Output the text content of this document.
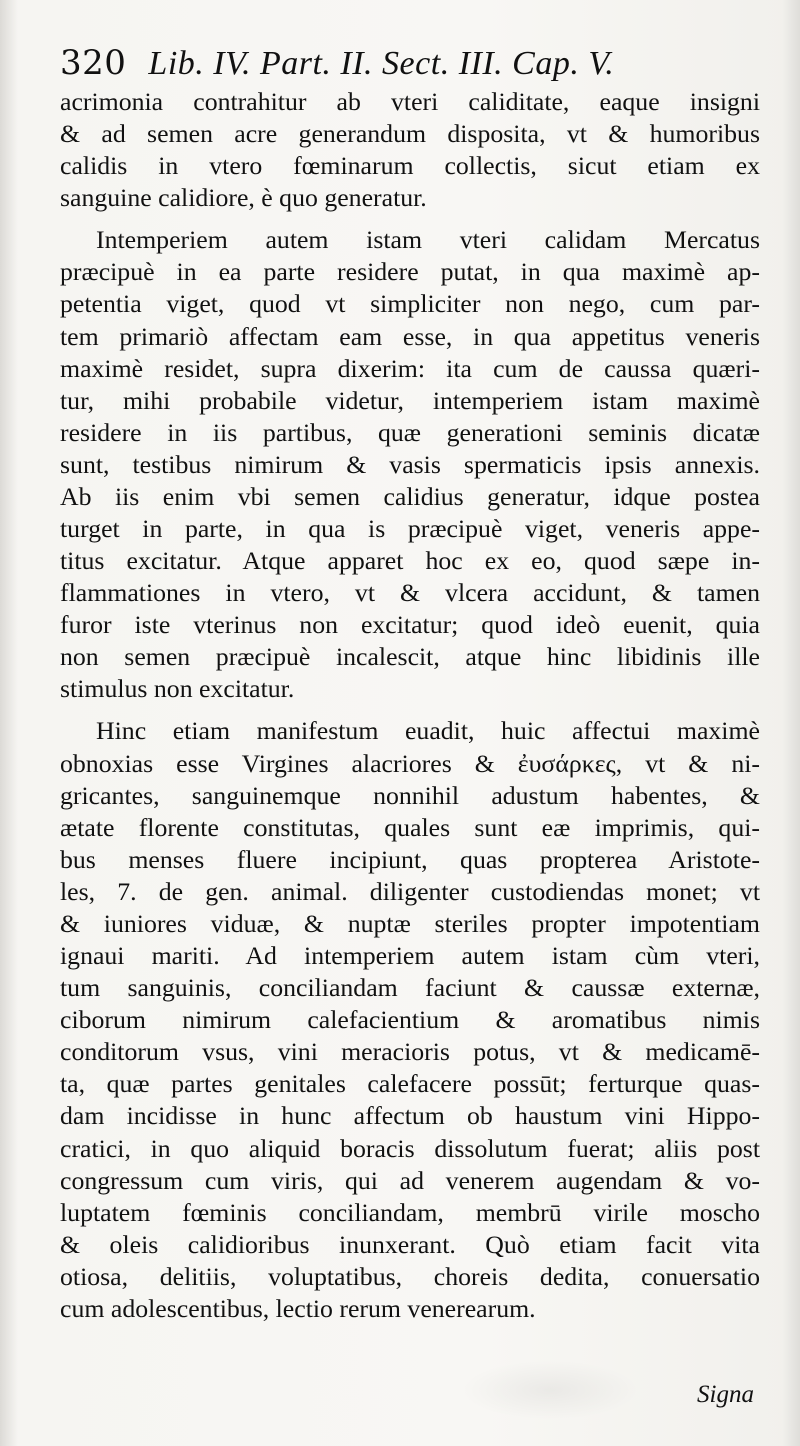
320 Lib. IV. Part. II. Sect. III. Cap. V.
acrimonia contrahitur ab vteri caliditate, eaque insigni
& ad semen acre generandum disposita, vt & humoribus
calidis in vtero fœminarum collectis, sicut etiam ex
sanguine calidiore, è quo generatur.
Intemperiem autem istam vteri calidam Mercatus
præcipuè in ea parte residere putat, in qua maximè ap-
petentia viget, quod vt simpliciter non nego, cum par-
tem primariò affectam eam esse, in qua appetitus veneris
maximè residet, supra dixerim: ita cum de caussa quæri-
tur, mihi probabile videtur, intemperiem istam maximè
residere in iis partibus, quæ generationi seminis dicatæ
sunt, testibus nimirum & vasis spermaticis ipsis annexis.
Ab iis enim vbi semen calidius generatur, idque postea
turget in parte, in qua is præcipuè viget, veneris appe-
titus excitatur. Atque apparet hoc ex eo, quod sæpe in-
flammationes in vtero, vt & vlcera accidunt, & tamen
furor iste vterinus non excitatur; quod ideò euenit, quia
non semen præcipuè incalescit, atque hinc libidinis ille
stimulus non excitatur.
Hinc etiam manifestum euadit, huic affectui maximè
obnoxias esse Virgines alacriores & ἐυσάρκες, vt & ni-
gricantes, sanguinemque nonnihil adustum habentes, &
ætate florente constitutas, quales sunt eæ imprimis, qui-
bus menses fluere incipiunt, quas propterea Aristote-
les, 7. de gen. animal. diligenter custodiendas monet; vt
& iuniores viduæ, & nuptæ steriles propter impotentiam
ignaui mariti. Ad intemperiem autem istam cùm vteri,
tum sanguinis, conciliandam faciunt & caussæ externæ,
ciborum nimirum calefacientium & aromatibus nimis
conditorum vsus, vini meracioris potus, vt & medicamē-
ta, quæ partes genitales calefacere possūt; ferturque quas-
dam incidisse in hunc affectum ob haustum vini Hippo-
cratici, in quo aliquid boracis dissolutum fuerat; aliis post
congressum cum viris, qui ad venerem augendam & vo-
luptatem fœminis conciliandam, membrū virile moscho
& oleis calidioribus inunxerant. Quò etiam facit vita
otiosa, delitiis, voluptatibus, choreis dedita, conuersatio
cum adolescentibus, lectio rerum venerearum.
Signa
